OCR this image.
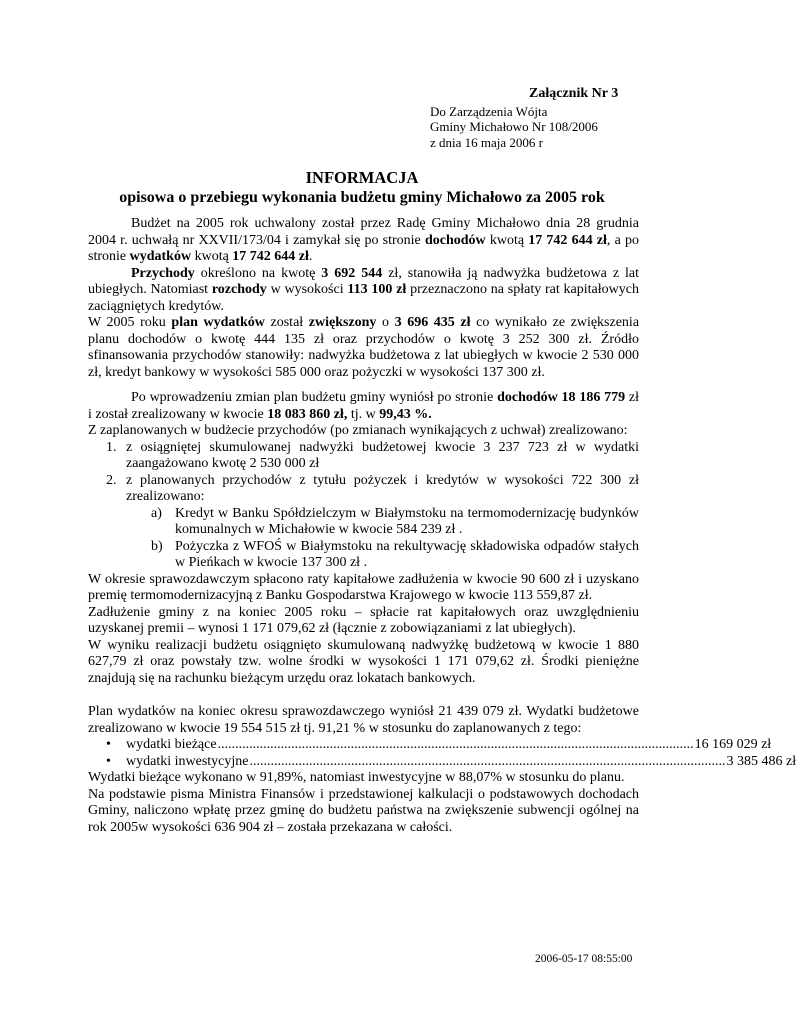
Załącznik Nr 3
Do Zarządzenia Wójta
Gminy Michałowo Nr 108/2006
z dnia 16 maja 2006 r
INFORMACJA
opisowa o przebiegu wykonania budżetu gminy Michałowo za 2005 rok

Budżet na 2005 rok uchwalony został przez Radę Gminy Michałowo dnia 28 grudnia 2004 r. uchwałą nr XXVII/173/04 i zamykał się po stronie dochodów kwotą 17 742 644 zł, a po stronie wydatków kwotą 17 742 644 zł.

Przychody określono na kwotę 3 692 544 zł, stanowiła ją nadwyżka budżetowa z lat ubiegłych. Natomiast rozchody w wysokości 113 100 zł przeznaczono na spłaty rat kapitałowych zaciągniętych kredytów.

W 2005 roku plan wydatków został zwiększony o 3 696 435 zł co wynikało ze zwiększenia planu dochodów o kwotę 444 135 zł oraz przychodów o kwotę 3 252 300 zł. Źródło sfinansowania przychodów stanowiły: nadwyżka budżetowa z lat ubiegłych w kwocie 2 530 000 zł, kredyt bankowy w wysokości 585 000 oraz pożyczki w wysokości 137 300 zł.

Po wprowadzeniu zmian plan budżetu gminy wyniósł po stronie dochodów 18 186 779 zł i został zrealizowany w kwocie 18 083 860 zł, tj. w 99,43 %.

Z zaplanowanych w budżecie przychodów (po zmianach wynikających z uchwał) zrealizowano:

1. z osiągniętej skumulowanej nadwyżki budżetowej kwocie 3 237 723 zł w wydatki zaangażowano kwotę 2 530 000 zł
2. z planowanych przychodów z tytułu pożyczek i kredytów w wysokości 722 300 zł zrealizowano:
a) Kredyt w Banku Spółdzielczym w Białymstoku na termomodernizację budynków komunalnych w Michałowie w kwocie 584 239 zł .
b) Pożyczka z WFOŚ w Białymstoku na rekultywację składowiska odpadów stałych w Pieńkach w kwocie 137 300 zł .

W okresie sprawozdawczym spłacono raty kapitałowe zadłużenia w kwocie 90 600 zł i uzyskano premię termomodernizacyjną z Banku Gospodarstwa Krajowego w kwocie 113 559,87 zł.

Zadłużenie gminy z na koniec 2005 roku – spłacie rat kapitałowych oraz uwzględnieniu uzyskanej premii – wynosi 1 171 079,62 zł (łącznie z zobowiązaniami z lat ubiegłych).

W wyniku realizacji budżetu osiągnięto skumulowaną nadwyżkę budżetową w kwocie 1 880 627,79 zł oraz powstały tzw. wolne środki w wysokości 1 171 079,62 zł. Środki pieniężne znajdują się na rachunku bieżącym urzędu oraz lokatach bankowych.

Plan wydatków na koniec okresu sprawozdawczego wyniósł 21 439 079 zł. Wydatki budżetowe zrealizowano w kwocie 19 554 515 zł tj. 91,21 % w stosunku do zaplanowanych z tego:

• wydatki bieżące ........................................................................................................................................ 16 169 029 zł
• wydatki inwestycyjne ........................................................................................................................................ 3 385 486 zł

Wydatki bieżące wykonano w 91,89%, natomiast inwestycyjne w 88,07% w stosunku do planu.

Na podstawie pisma Ministra Finansów i przedstawionej kalkulacji o podstawowych dochodach Gminy, naliczono wpłatę przez gminę do budżetu państwa na zwiększenie subwencji ogólnej na rok 2005w wysokości 636 904 zł – została przekazana w całości.

2006-05-17 08:55:00
